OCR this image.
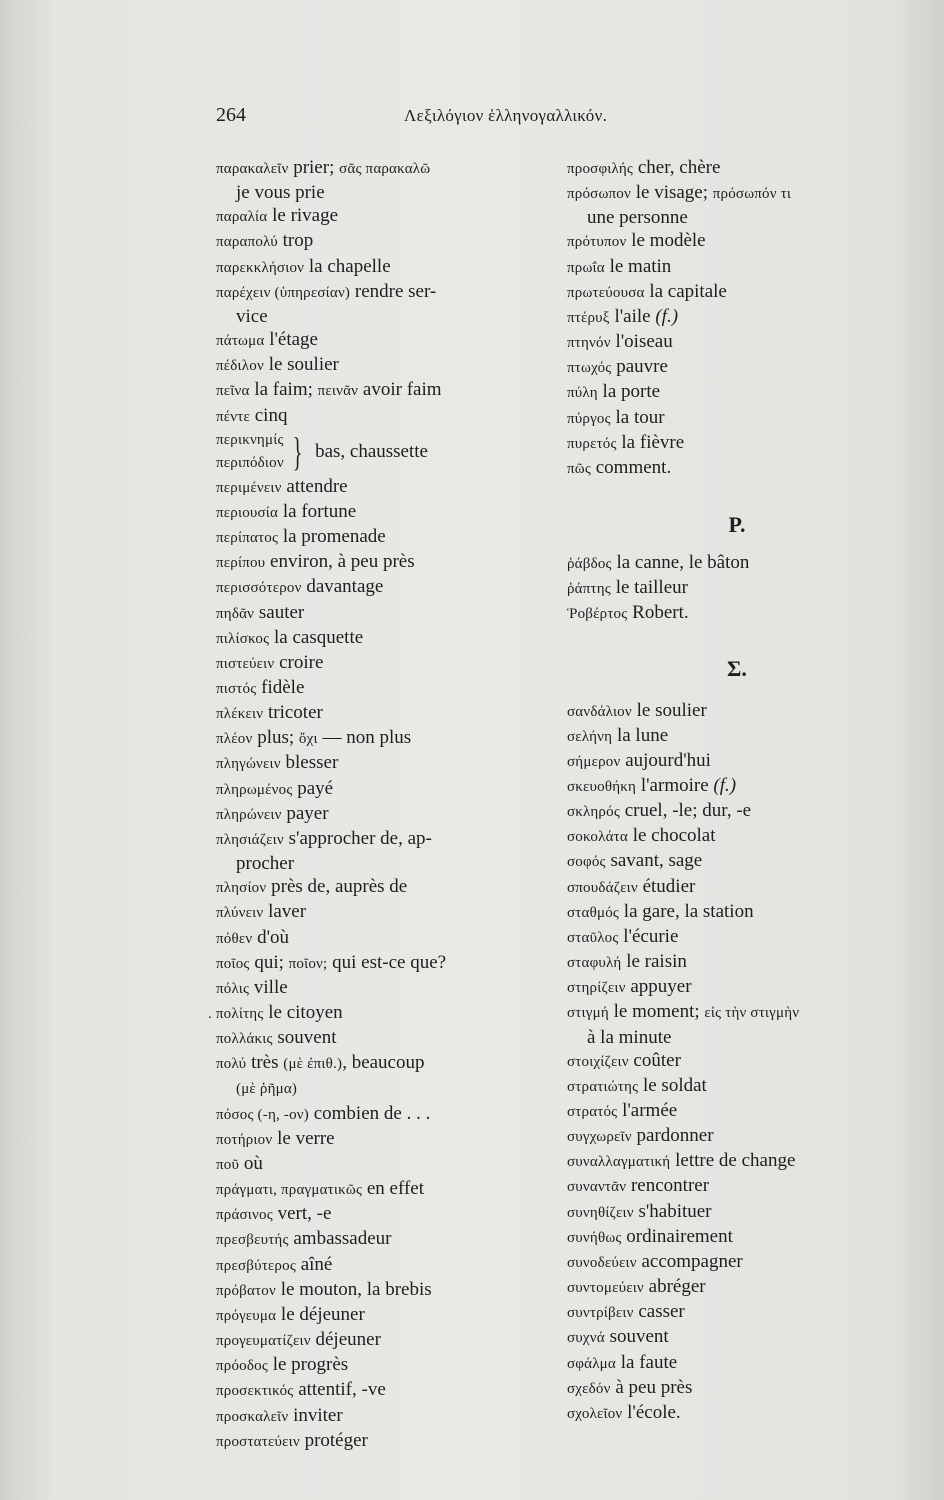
264	Λεξιλόγιον ἑλληνογαλλικόν.
παρακαλεῖν prier; σᾶς παρακαλῶ
je vous prie
παραλία le rivage
παραπολύ trop
παρεκκλήσιον la chapelle
παρέχειν (ὑπηρεσίαν) rendre ser-
vice
πάτωμα l'étage
πέδιλον le soulier
πεῖνα la faim; πεινᾶν avoir faim
πέντε cinq
περικνημίς
περιπόδιον } bas, chaussette
περιμένειν attendre
περιουσία la fortune
περίπατος la promenade
περίπου environ, à peu près
περισσότερον davantage
πηδᾶν sauter
πιλίσκος la casquette
πιστεύειν croire
πιστός fidèle
πλέκειν tricoter
πλέον plus; ὄχι — non plus
πληγώνειν blesser
πληρωμένος payé
πληρώνειν payer
πλησιάζειν s'approcher de, ap-
procher
πλησίον près de, auprès de
πλύνειν laver
πόθεν d'où
ποῖος qui; ποῖον; qui est-ce que?
πόλις ville
. πολίτης le citoyen
πολλάκις souvent
πολύ très (μὲ ἐπιθ.), beaucoup
(μὲ ῥῆμα)
πόσος (-η, -ον) combien de . . .
ποτήριον le verre
ποῦ où
πράγματι, πραγματικῶς en effet
πράσινος vert, -e
πρεσβευτής ambassadeur
πρεσβύτερος aîné
πρόβατον le mouton, la brebis
πρόγευμα le déjeuner
προγευματίζειν déjeuner
πρόοδος le progrès
προσεκτικός attentif, -ve
προσκαλεῖν inviter
προστατεύειν protéger
προσφιλής cher, chère
πρόσωπον le visage; πρόσωπόν τι
une personne
πρότυπον le modèle
πρωΐα le matin
πρωτεύουσα la capitale
πτέρυξ l'aile (f.)
πτηνόν l'oiseau
πτωχός pauvre
πύλη la porte
πύργος la tour
πυρετός la fièvre
πῶς comment.
Ρ.
ῥάβδος la canne, le bâton
ῥάπτης le tailleur
Ῥοβέρτος Robert.
Σ.
σανδάλιον le soulier
σελήνη la lune
σήμερον aujourd'hui
σκευοθήκη l'armoire (f.)
σκληρός cruel, -le; dur, -e
σοκολάτα le chocolat
σοφός savant, sage
σπουδάζειν étudier
σταθμός la gare, la station
σταῦλος l'écurie
σταφυλή le raisin
στηρίζειν appuyer
στιγμή le moment; εἰς τὴν στιγμὴν
à la minute
στοιχίζειν coûter
στρατιώτης le soldat
στρατός l'armée
συγχωρεῖν pardonner
συναλλαγματική lettre de change
συναντᾶν rencontrer
συνηθίζειν s'habituer
συνήθως ordinairement
συνοδεύειν accompagner
συντομεύειν abréger
συντρίβειν casser
συχνά souvent
σφάλμα la faute
σχεδόν à peu près
σχολεῖον l'école.
